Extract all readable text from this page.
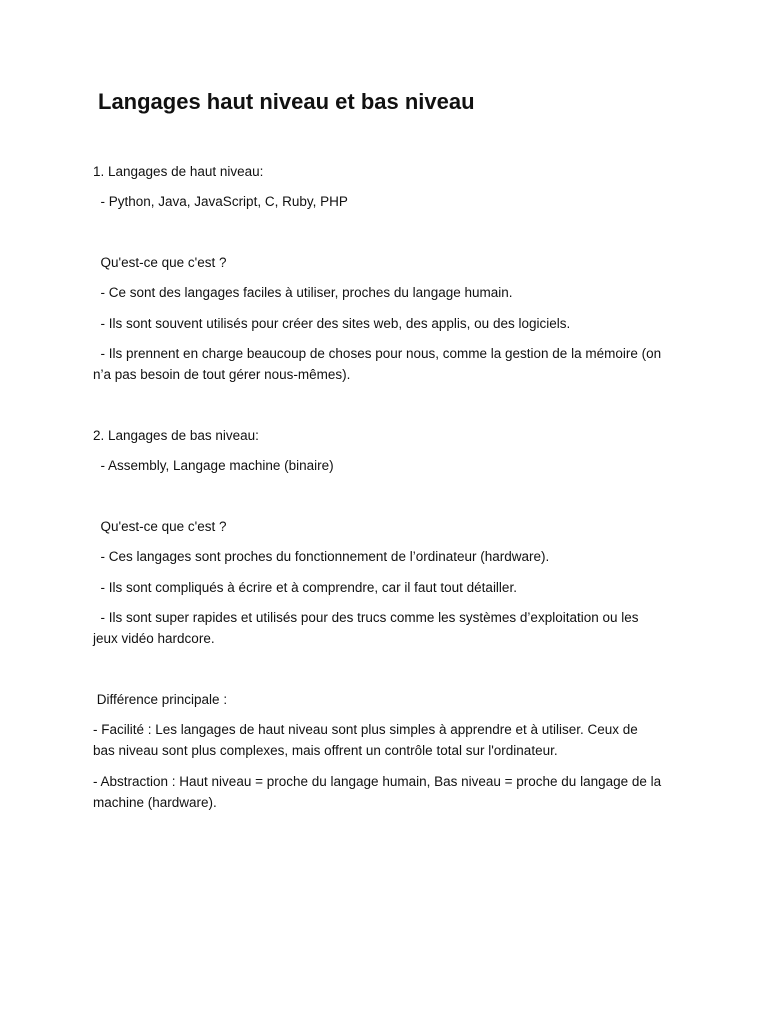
Langages haut niveau et bas niveau

1. Langages de haut niveau:

- Python, Java, JavaScript, C, Ruby, PHP

Qu'est-ce que c'est ?

- Ce sont des langages faciles à utiliser, proches du langage humain.

- Ils sont souvent utilisés pour créer des sites web, des applis, ou des logiciels.

- Ils prennent en charge beaucoup de choses pour nous, comme la gestion de la mémoire (on n’a pas besoin de tout gérer nous-mêmes).

2. Langages de bas niveau:

- Assembly, Langage machine (binaire)

Qu'est-ce que c'est ?

- Ces langages sont proches du fonctionnement de l’ordinateur (hardware).

- Ils sont compliqués à écrire et à comprendre, car il faut tout détailler.

- Ils sont super rapides et utilisés pour des trucs comme les systèmes d’exploitation ou les jeux vidéo hardcore.

Différence principale :

- Facilité : Les langages de haut niveau sont plus simples à apprendre et à utiliser. Ceux de bas niveau sont plus complexes, mais offrent un contrôle total sur l'ordinateur.

- Abstraction : Haut niveau = proche du langage humain, Bas niveau = proche du langage de la machine (hardware).
